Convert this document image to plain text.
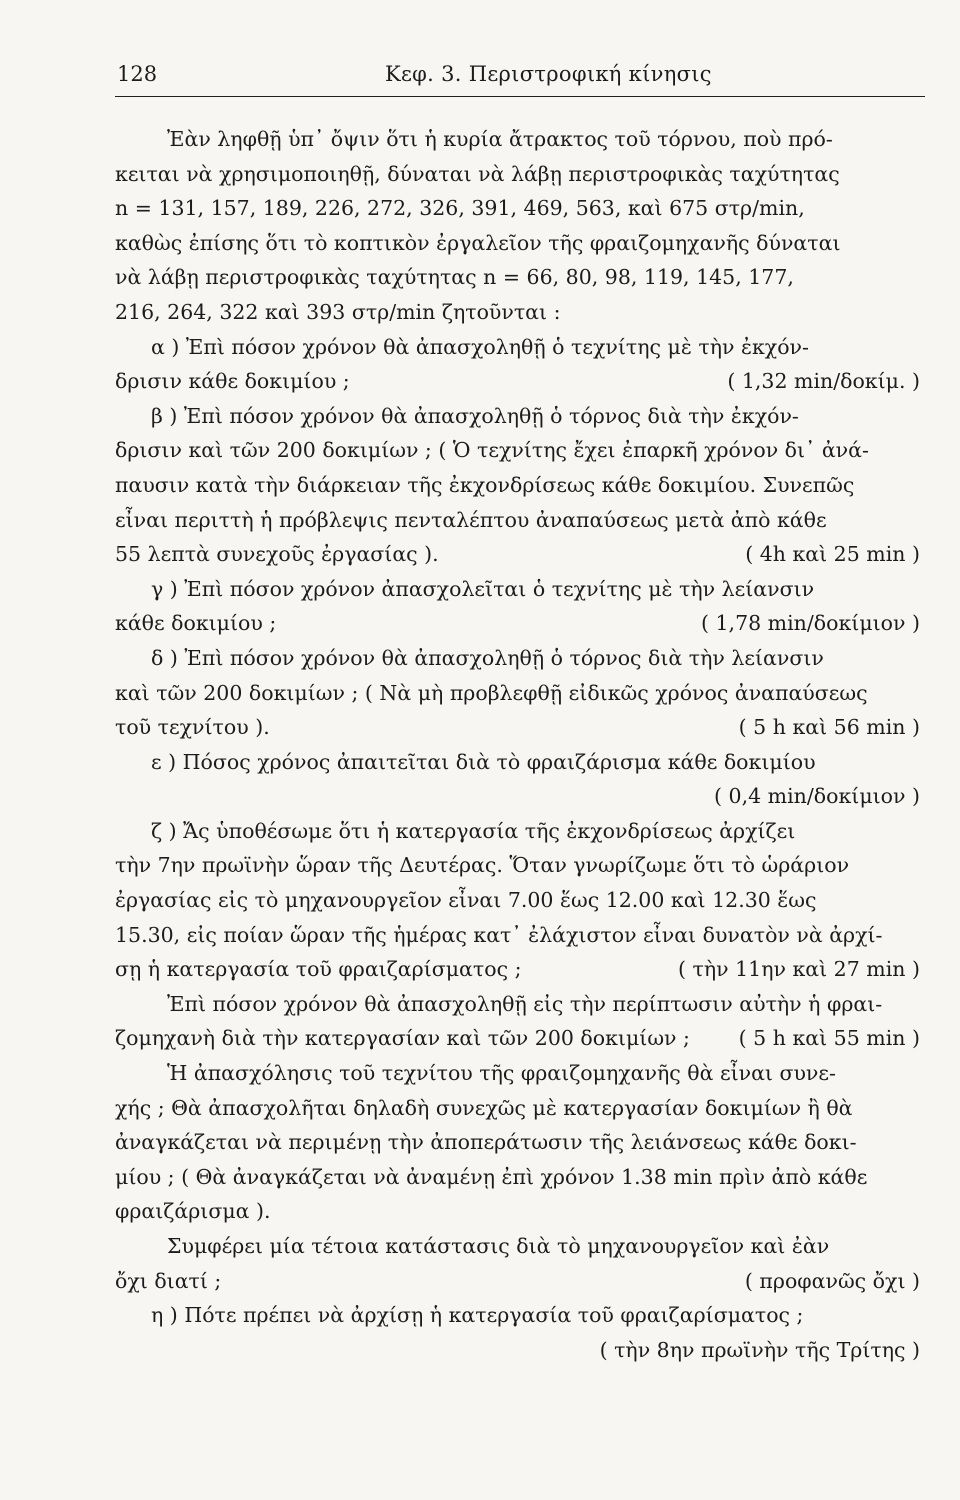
128	Κεφ. 3. Περιστροφική κίνησις
Ἐὰν ληφθῇ ὑπ᾽ ὄψιν ὅτι ἡ κυρία ἄτρακτος τοῦ τόρνου, ποὺ πρό-
κειται νὰ χρησιμοποιηθῇ, δύναται νὰ λάβῃ περιστροφικὰς ταχύτητας
n = 131, 157, 189, 226, 272, 326, 391, 469, 563, καὶ 675 στρ/min,
καθὼς ἐπίσης ὅτι τὸ κοπτικὸν ἐργαλεῖον τῆς φραιζομηχανῆς δύναται
νὰ λάβῃ περιστροφικὰς ταχύτητας n = 66, 80, 98, 119, 145, 177,
216, 264, 322 καὶ 393 στρ/min ζητοῦνται :
α ) Ἐπὶ πόσον χρόνον θὰ ἀπασχοληθῇ ὁ τεχνίτης μὲ τὴν ἐκχόν-
δρισιν κάθε δοκιμίου ;	( 1,32 min/δοκίμ. )
β ) Ἐπὶ πόσον χρόνον θὰ ἀπασχοληθῇ ὁ τόρνος διὰ τὴν ἐκχόν-
δρισιν καὶ τῶν 200 δοκιμίων ; ( Ὁ τεχνίτης ἔχει ἐπαρκῆ χρόνον δι᾽ ἀνά-
παυσιν κατὰ τὴν διάρκειαν τῆς ἐκχονδρίσεως κάθε δοκιμίου. Συνεπῶς
εἶναι περιττὴ ἡ πρόβλεψις πενταλέπτου ἀναπαύσεως μετὰ ἀπὸ κάθε
55 λεπτὰ συνεχοῦς ἐργασίας ).	( 4h καὶ 25 min )
γ ) Ἐπὶ πόσον χρόνον ἀπασχολεῖται ὁ τεχνίτης μὲ τὴν λείανσιν
κάθε δοκιμίου ;	( 1,78 min/δοκίμιον )
δ ) Ἐπὶ πόσον χρόνον θὰ ἀπασχοληθῇ ὁ τόρνος διὰ τὴν λείανσιν
καὶ τῶν 200 δοκιμίων ; ( Νὰ μὴ προβλεφθῇ εἰδικῶς χρόνος ἀναπαύσεως
τοῦ τεχνίτου ).	( 5 h καὶ 56 min )
ε ) Πόσος χρόνος ἀπαιτεῖται διὰ τὸ φραιζάρισμα κάθε δοκιμίου
( 0,4 min/δοκίμιον )
ζ ) Ἄς ὑποθέσωμε ὅτι ἡ κατεργασία τῆς ἐκχονδρίσεως ἀρχίζει
τὴν 7ην πρωϊνὴν ὥραν τῆς Δευτέρας. Ὅταν γνωρίζωμε ὅτι τὸ ὡράριον
ἐργασίας εἰς τὸ μηχανουργεῖον εἶναι 7.00 ἕως 12.00 καὶ 12.30 ἕως
15.30, εἰς ποίαν ὥραν τῆς ἡμέρας κατ᾽ ἐλάχιστον εἶναι δυνατὸν νὰ ἀρχί-
σῃ ἡ κατεργασία τοῦ φραιζαρίσματος ;	( τὴν 11ην καὶ 27 min )
Ἐπὶ πόσον χρόνον θὰ ἀπασχοληθῇ εἰς τὴν περίπτωσιν αὐτὴν ἡ φραι-
ζομηχανὴ διὰ τὴν κατεργασίαν καὶ τῶν 200 δοκιμίων ; ( 5 h καὶ 55 min )
Ἡ ἀπασχόλησις τοῦ τεχνίτου τῆς φραιζομηχανῆς θὰ εἶναι συνε-
χής ; Θὰ ἀπασχολῆται δηλαδὴ συνεχῶς μὲ κατεργασίαν δοκιμίων ἢ θὰ
ἀναγκάζεται νὰ περιμένῃ τὴν ἀποπεράτωσιν τῆς λειάνσεως κάθε δοκι-
μίου ; ( Θὰ ἀναγκάζεται νὰ ἀναμένῃ ἐπὶ χρόνον 1.38 min πρὶν ἀπὸ κάθε
φραιζάρισμα ).
Συμφέρει μία τέτοια κατάστασις διὰ τὸ μηχανουργεῖον καὶ ἐὰν
ὄχι διατί ;	( προφανῶς ὄχι )
η ) Πότε πρέπει νὰ ἀρχίσῃ ἡ κατεργασία τοῦ φραιζαρίσματος ;
( τὴν 8ην πρωϊνὴν τῆς Τρίτης )
